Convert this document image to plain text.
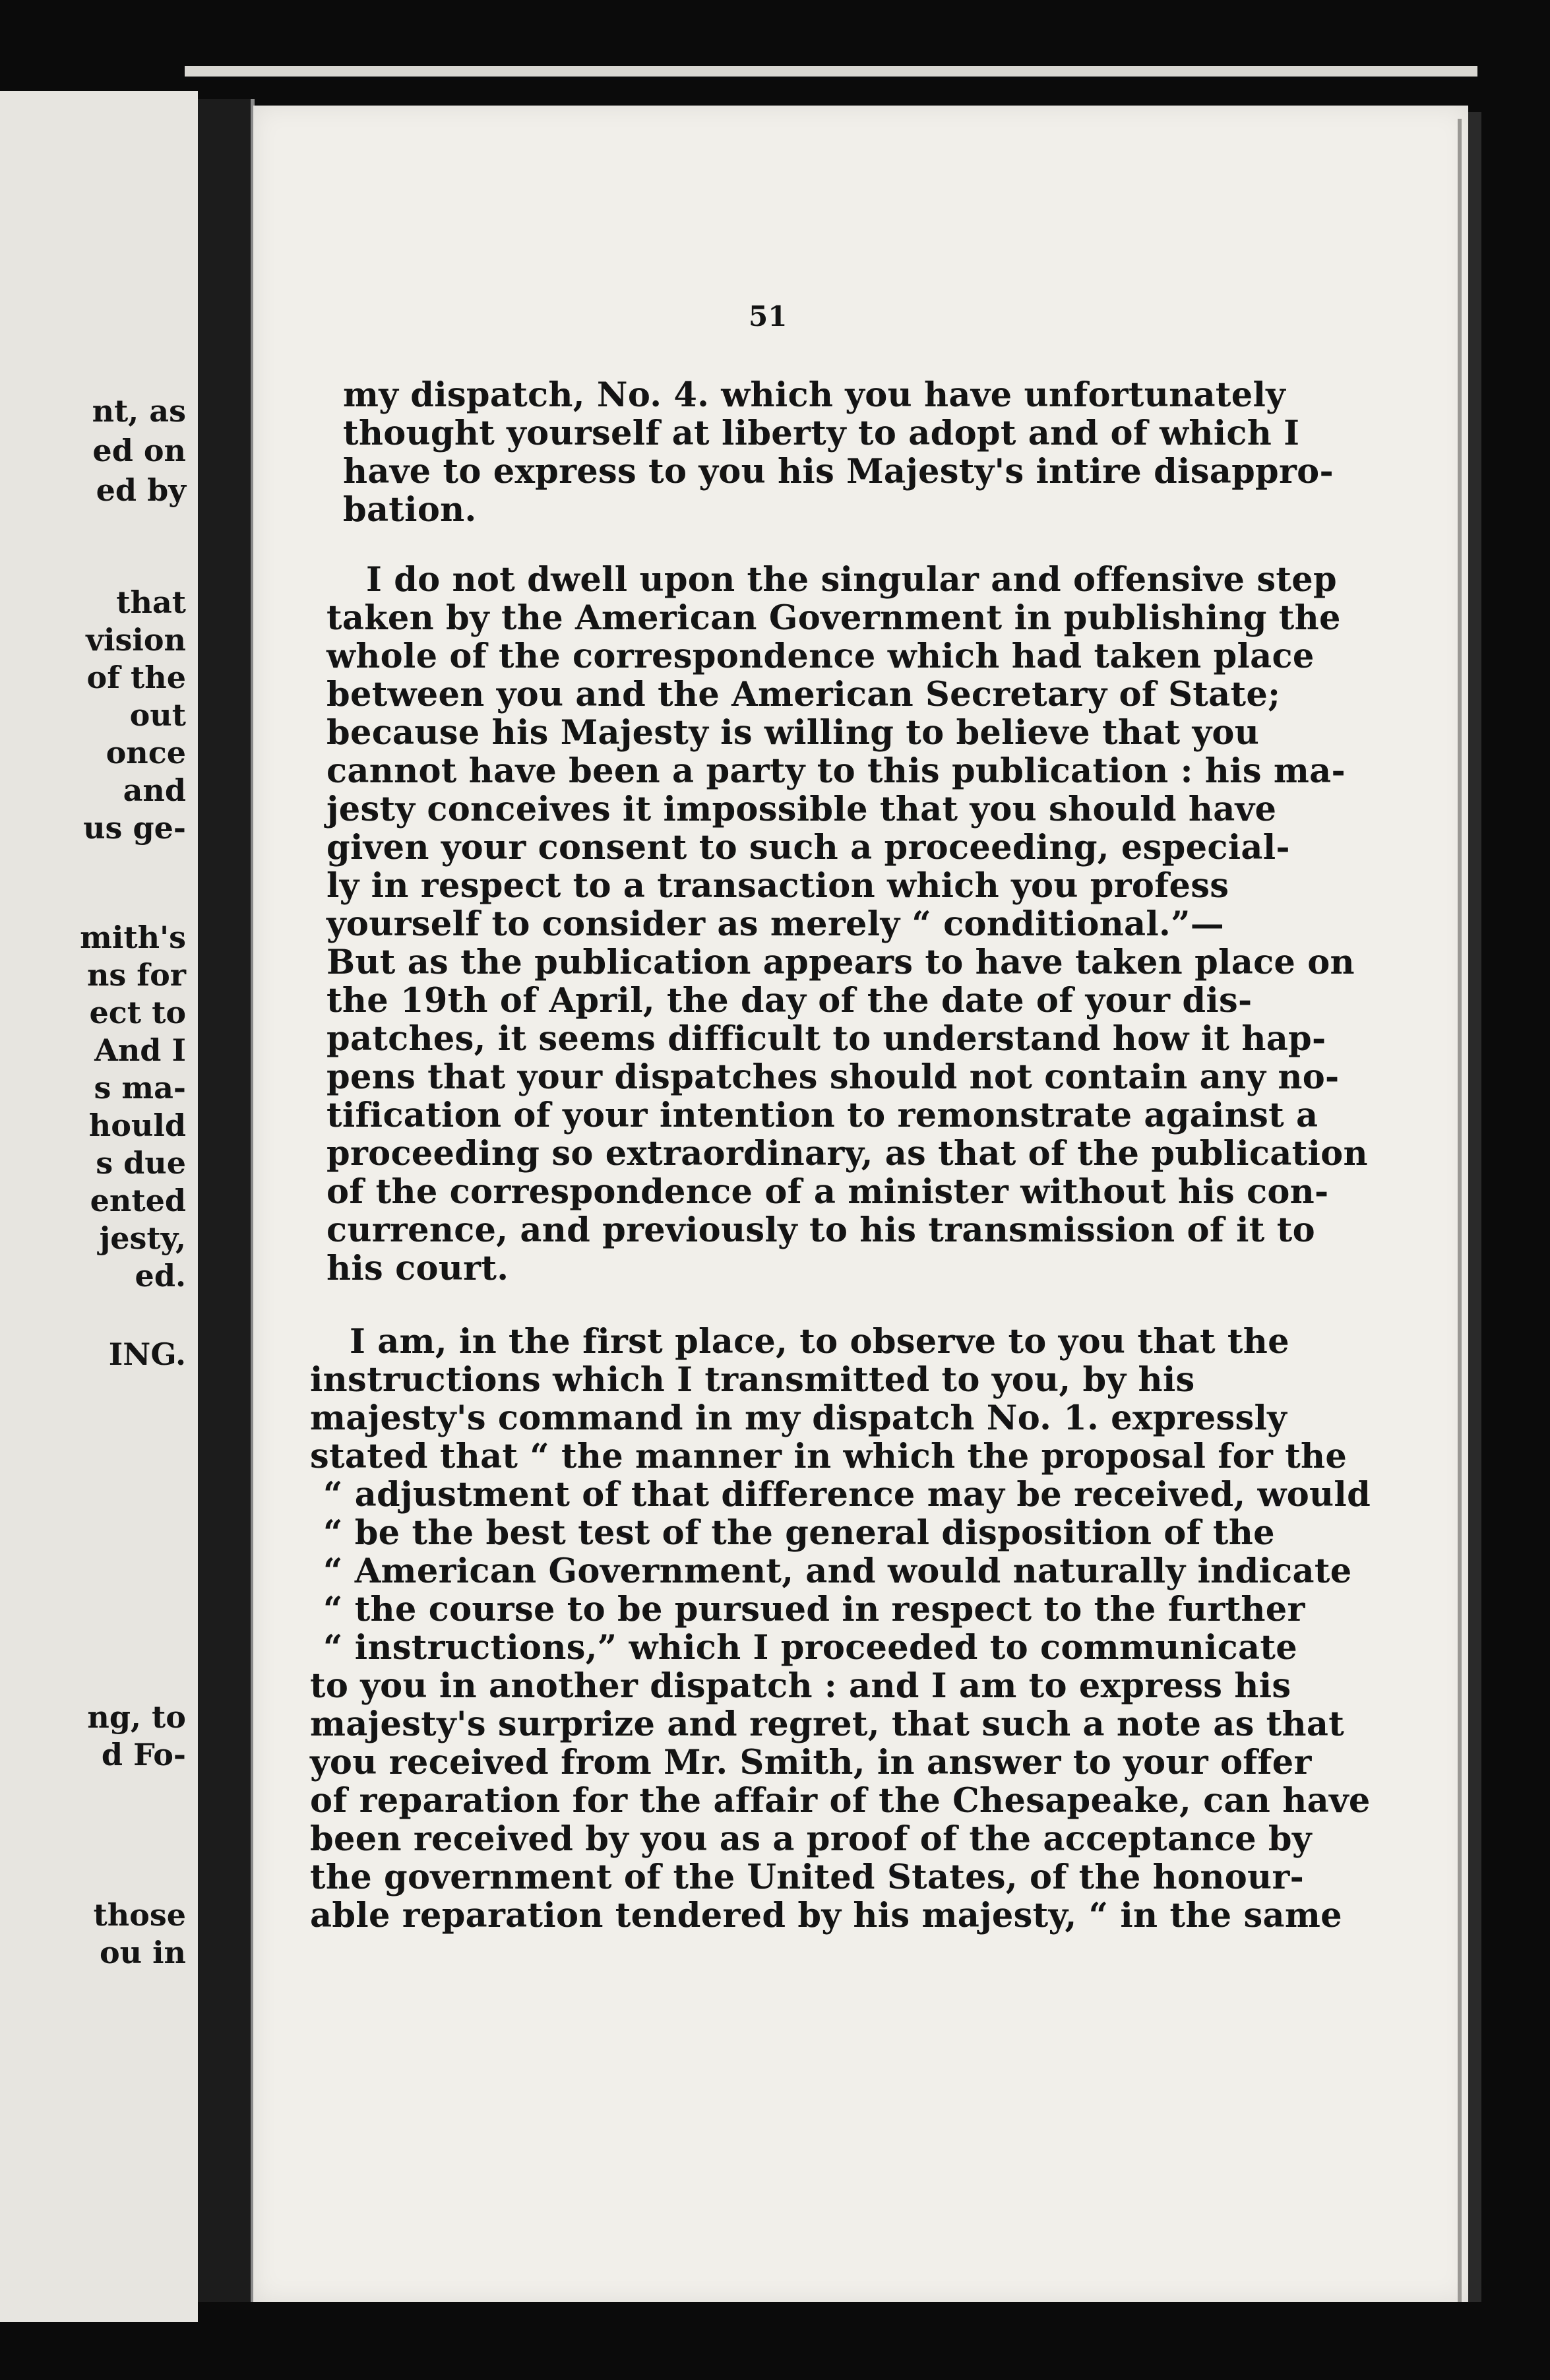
nt, as
ed on
ed by
that
vision
of the
out
once
and
us ge-
mith's
ns for
ect to
And I
s ma-
hould
s due
ented
jesty,
ed.
ING.
ng, to
d Fo-
those
ou in
51
my dispatch, No. 4. which you have unfortunately
thought yourself at liberty to adopt and of which I
have to express to you his Majesty's intire disappro-
bation.
I do not dwell upon the singular and offensive step
taken by the American Government in publishing the
whole of the correspondence which had taken place
between you and the American Secretary of State;
because his Majesty is willing to believe that you
cannot have been a party to this publication : his ma-
jesty conceives it impossible that you should have
given your consent to such a proceeding, especial-
ly in respect to a transaction which you profess
yourself to consider as merely “ conditional.”—
But as the publication appears to have taken place on
the 19th of April, the day of the date of your dis-
patches, it seems difficult to understand how it hap-
pens that your dispatches should not contain any no-
tification of your intention to remonstrate against a
proceeding so extraordinary, as that of the publication
of the correspondence of a minister without his con-
currence, and previously to his transmission of it to
his court.
I am, in the first place, to observe to you that the
instructions which I transmitted to you, by his
majesty's command in my dispatch No. 1. expressly
stated that “ the manner in which the proposal for the
“ adjustment of that difference may be received, would
“ be the best test of the general disposition of the
“ American Government, and would naturally indicate
“ the course to be pursued in respect to the further
“ instructions,” which I proceeded to communicate
to you in another dispatch : and I am to express his
majesty's surprize and regret, that such a note as that
you received from Mr. Smith, in answer to your offer
of reparation for the affair of the Chesapeake, can have
been received by you as a proof of the acceptance by
the government of the United States, of the honour-
able reparation tendered by his majesty, “ in the same
